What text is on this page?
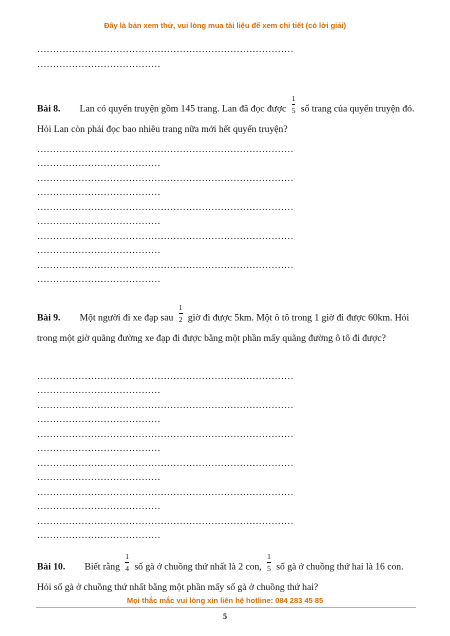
Đây là bản xem thử, vui lòng mua tài liệu để xem chi tiết (có lời giải)
………………………………………………………………………
…………………………………
Bài 8. Lan có quyển truyện gồm 145 trang. Lan đã đọc được $\frac{1}{5}$ số trang của quyển truyện đó. Hỏi Lan còn phải đọc bao nhiêu trang nữa mới hết quyển truyện?
………………………………………………………………………
…………………………………
………………………………………………………………………
…………………………………
………………………………………………………………………
…………………………………
………………………………………………………………………
…………………………………
………………………………………………………………………
…………………………………
Bài 9. Một người đi xe đạp sau $\frac{1}{2}$ giờ đi được 5km. Một ô tô trong 1 giờ đi được 60km. Hỏi trong một giờ quãng đường xe đạp đi được bằng một phần mấy quãng đường ô tô đi được?
………………………………………………………………………
…………………………………
………………………………………………………………………
…………………………………
………………………………………………………………………
…………………………………
………………………………………………………………………
…………………………………
………………………………………………………………………
…………………………………
………………………………………………………………………
…………………………………
Bài 10. Biết rằng $\frac{1}{4}$ số gà ở chuồng thứ nhất là 2 con, $\frac{1}{5}$ số gà ở chuồng thứ hai là 16 con. Hỏi số gà ở chuồng thứ nhất bằng một phần mấy số gà ở chuồng thứ hai?
Mọi thắc mắc vui lòng xin liên hệ hotline: 084 283 45 85
5
